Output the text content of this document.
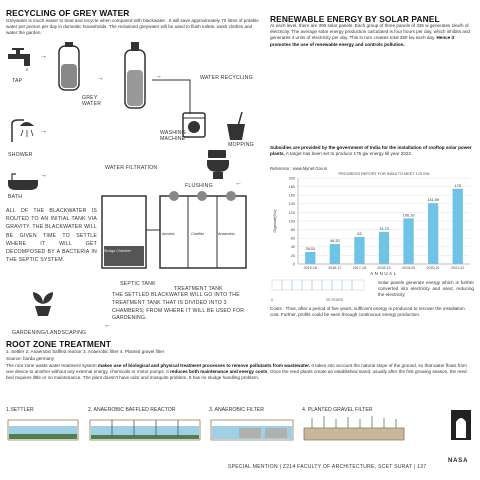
RECYCLING OF GREY WATER
Greywater is much easier to treat and recycle when compared with blackwater . It will save approximately 70 litres of potable water per person per day in domestic households. The reclaimed greywater will be used to flush toilets, wash clothes and water the garden.
TAP
GREY WATER
→
→	→	WATER RECYCLING
SHOWER
→	WASHING MACHINE
MOPPING
BATH
→
WATER FILTRATION
FLUSHING	←
ALL OF THE BLACKWATER IS ROUTED TO AN INITIAL TANK VIA GRAVITY. THE BLACKWATER WILL BE GIVEN TIME TO SETTLE WHERE IT WILL GET DECOMPOSED BY A BACTERIA IN THE SEPTIC SYSTEM.
Sludge Chamber
Aerobic	Clarifier	Anaerobic
SEPTIC TANK
TREATMENT TANK
THE SETTLED BLACKWATER WILL GO INTO THE TREATMENT TANK THAT IS DIVIDED INTO 3 CHAMBERS; FROM WHERE IT WILL BE USED FOR GARDENING.
GARDENING/LANDSCAPING
←
RENEWABLE ENERGY BY SOLAR PANEL
At each level, there are 390 solar panels. Each group of three panels of 335 w generates 1kw/h of electricity. The average solar energy production calculated is four hours per day, which inhibits and generates 4 units of electricity per day. This in turn creates total 390 kw each day. Hence it promotes the use of renewable energy and controls pollution.
Subsidies are provided by the government of India for the installation of rooftop solar power plants. A target has been set to produce 175 gw energy till year 2022.
Reference : www.Mynet.Gov.in
PROGRESS REPORT FOR INDIA TO MEET 175 GW
0
20
40
60
80
100
120
140
160
180
200
Gigawatt(Gw)
28.03
2015-16
46.32
2016-17
63
2017-18
74.79
2018-19
106.19
2019-20
141.59
2020-21
175
2021-22
ANNUAL
0	25 YEARS
Solar panels generate energy which is further converted into electricity and used, reducing the electricity
Costs . Thus, after a period of five years, sufficient energy is produced to recover the installation cost. Further, profits could be seen through continuous energy production.
ROOT ZONE TREATMENT
1. Settler 2. Anaerobic baffled reactor 3. Anaerobic filter 4. Planted gravel filter
Source: borda germany
The root zone waste water treatment system makes use of biological and physical treatment processes to remove pollutants from wastewater. It takes into account the natural slope of the ground, so that water flows from one device to another without any external energy, chemicals or motor pumps. It reduces both maintenance and energy costs. Once the reed plants create an established stand, usually after the first growing season, the reed bed requires little or no maintenance. The plant doesn't have odor and mosquito problem. It has no sludge handling problem.
1.SETTLER	2. ANAEROBIC BAFFLED REACTOR	3. ANAEROBIC FILTER	4. PLANTED GRAVEL FILTER
NASA
SPECIAL MENTION | Z214 FACULTY OF ARCHITECTURE, SCET SURAT | 137
